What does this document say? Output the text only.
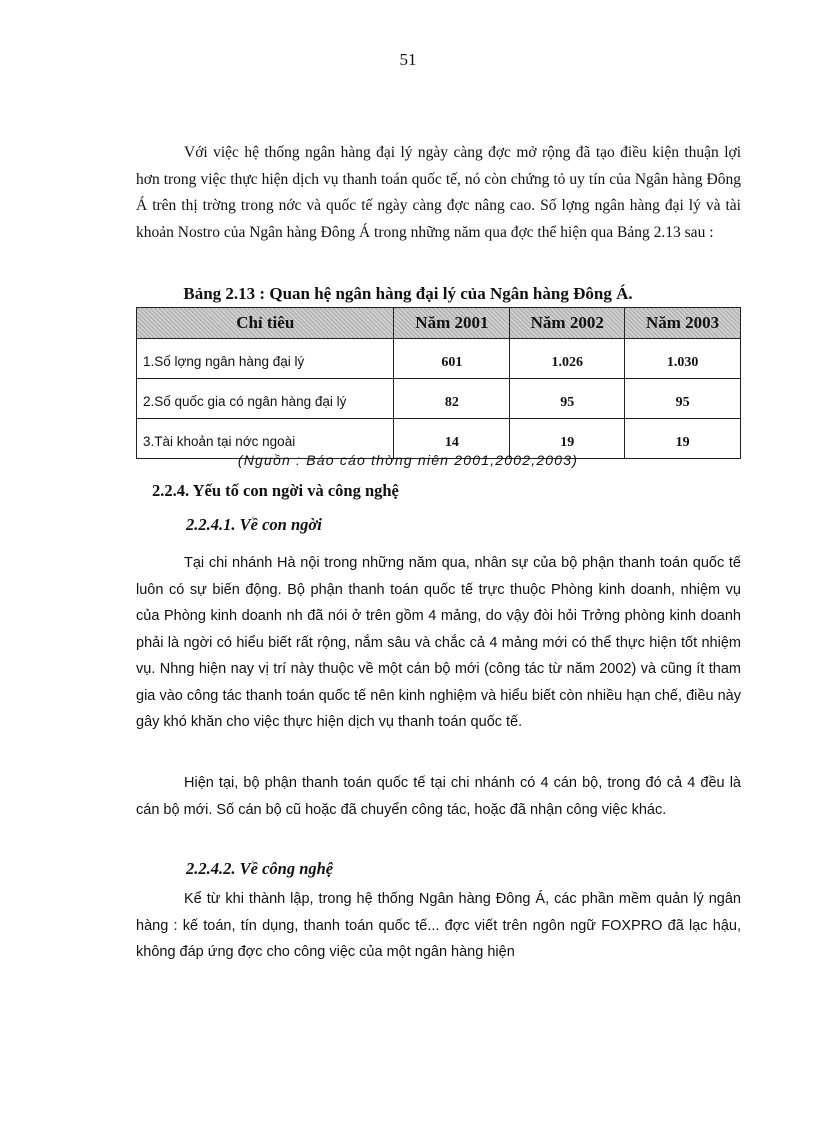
51

Với việc hệ thống ngân hàng đại lý ngày càng đợc mở rộng đã tạo điều kiện thuận lợi hơn trong việc thực hiện dịch vụ thanh toán quốc tế, nó còn chứng tỏ uy tín của Ngân hàng Đông Á trên thị trờng trong nớc và quốc tế ngày càng đợc nâng cao. Số lợng ngân hàng đại lý và tài khoản Nostro của Ngân hàng Đông Á trong những năm qua đợc thể hiện qua Bảng 2.13 sau :

Bảng 2.13 : Quan hệ ngân hàng đại lý của Ngân hàng Đông Á.
Chỉ tiêu	Năm 2001	Năm 2002	Năm 2003
1.Số lợng ngân hàng đại lý	601	1.026	1.030
2.Số quốc gia có ngân hàng đại lý	82	95	95
3.Tài khoản tại nớc ngoài	14	19	19
(Nguồn : Báo cáo thờng niên 2001,2002,2003)
2.2.4. Yếu tố con ngời và công nghệ
2.2.4.1. Về con ngời

Tại chi nhánh Hà nội trong những năm qua, nhân sự của bộ phận thanh toán quốc tế luôn có sự biến động. Bộ phận thanh toán quốc tế trực thuộc Phòng kinh doanh, nhiệm vụ của Phòng kinh doanh nh đã nói ở trên gồm 4 mảng, do vậy đòi hỏi Trởng phòng kinh doanh phải là ngời có hiểu biết rất rộng, nắm sâu và chắc cả 4 mảng mới có thể thực hiện tốt nhiệm vụ. Nhng hiện nay vị trí này thuộc về một cán bộ mới (công tác từ năm 2002) và cũng ít tham gia vào công tác thanh toán quốc tế nên kinh nghiệm và hiểu biết còn nhiều hạn chế, điều này gây khó khăn cho việc thực hiện dịch vụ thanh toán quốc tế.

Hiện tại, bộ phận thanh toán quốc tế tại chi nhánh có 4 cán bộ, trong đó cả 4 đều là cán bộ mới. Số cán bộ cũ hoặc đã chuyển công tác, hoặc đã nhận công việc khác.

2.2.4.2. Về công nghệ

Kể từ khi thành lập, trong hệ thống Ngân hàng Đông Á, các phần mềm quản lý ngân hàng : kế toán, tín dụng, thanh toán quốc tế... đợc viết trên ngôn ngữ FOXPRO đã lạc hậu, không đáp ứng đợc cho công việc của một ngân hàng hiện
